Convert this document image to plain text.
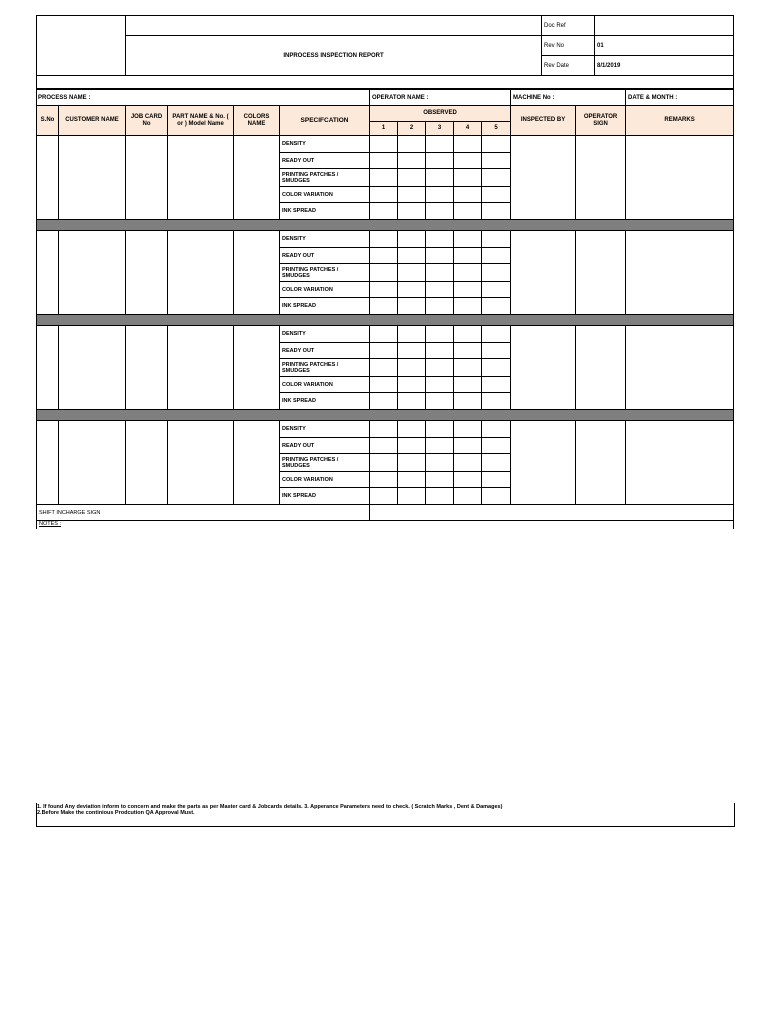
		Doc Ref	
	INPROCESS INSPECTION REPORT	Rev No	01
		Rev Date	8/1/2019

PROCESS NAME :						OPERATOR NAME :					MACHINE No :		DATE & MONTH :
S.No	CUSTOMER NAME	JOB CARD No	PART NAME & No. ( or ) Model Name	COLORS NAME	SPECIFCATION	OBSERVED					INSPECTED BY	OPERATOR SIGN	REMARKS
						1	2	3	4	5			
					DENSITY								
					READY OUT								
					PRINTING PATCHES / SMUDGES								
					COLOR VARIATION								
					INK SPREAD								

					DENSITY								
					READY OUT								
					PRINTING PATCHES / SMUDGES								
					COLOR VARIATION								
					INK SPREAD								

					DENSITY								
					READY OUT								
					PRINTING PATCHES / SMUDGES								
					COLOR VARIATION								
					INK SPREAD								

					DENSITY								
					READY OUT								
					PRINTING PATCHES / SMUDGES								
					COLOR VARIATION								
					INK SPREAD								
SHIFT INCHARGE SIGN													
NOTES :													
1. If found Any deviation inform to concern and make the parts as per Master card & Jobcards details. 3. Apperance Parameters need to check. ( Scratch Marks , Dent & Damages)
2.Before Make the continious Prodcution QA Approval Must.
